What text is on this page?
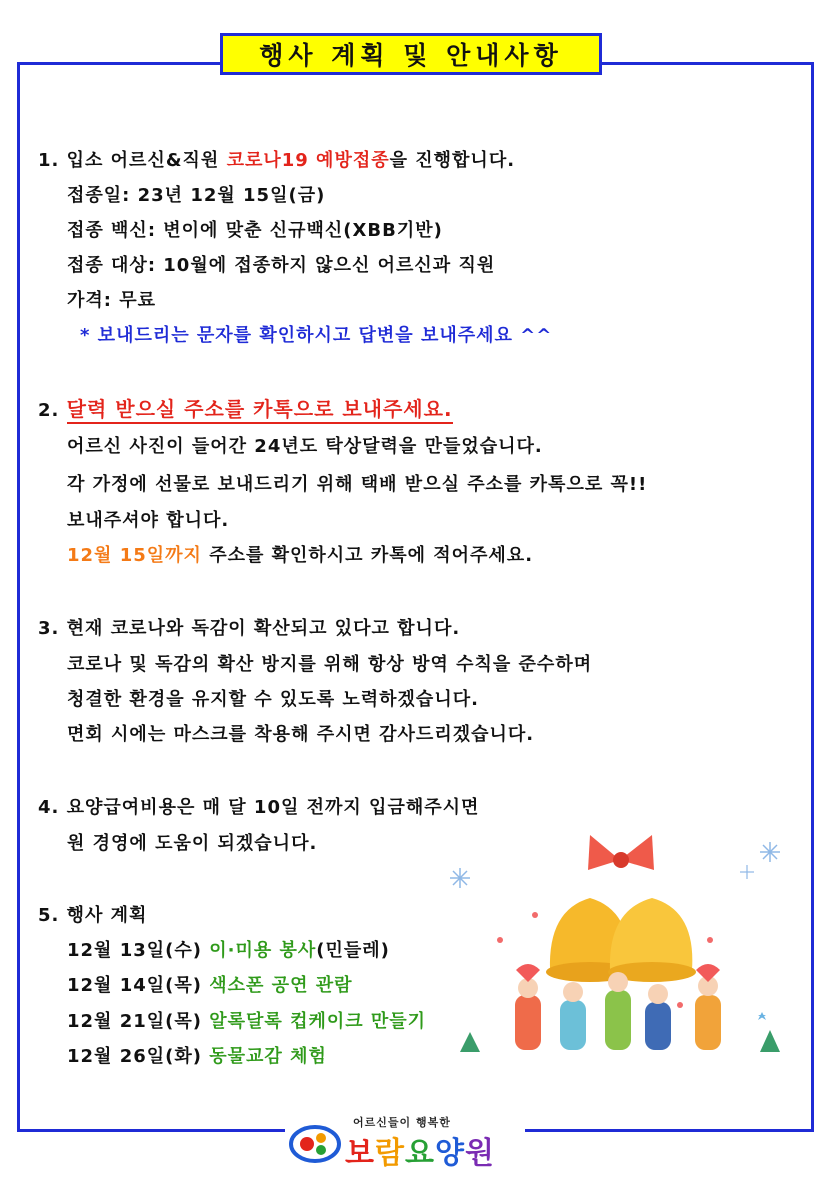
행사 계획 및 안내사항
1. 입소 어르신&직원 코로나19 예방접종을 진행합니다.
접종일: 23년 12월 15일(금)
접종 백신: 변이에 맞춘 신규백신(XBB기반)
접종 대상: 10월에 접종하지 않으신 어르신과 직원
가격: 무료
* 보내드리는 문자를 확인하시고 답변을 보내주세요 ^^
2. 달력 받으실 주소를 카톡으로 보내주세요.
어르신 사진이 들어간 24년도 탁상달력을 만들었습니다.
각 가정에 선물로 보내드리기 위해 택배 받으실 주소를 카톡으로 꼭!!
보내주셔야 합니다.
12월 15일까지 주소를 확인하시고 카톡에 적어주세요.
3. 현재 코로나와 독감이 확산되고 있다고 합니다.
코로나 및 독감의 확산 방지를 위해 항상 방역 수칙을 준수하며
청결한 환경을 유지할 수 있도록 노력하겠습니다.
면회 시에는 마스크를 착용해 주시면 감사드리겠습니다.
4. 요양급여비용은 매 달 10일 전까지 입금해주시면
원 경영에 도움이 되겠습니다.
5. 행사 계획
12월 13일(수) 이·미용 봉사(민들레)
12월 14일(목) 색소폰 공연 관람
12월 21일(목) 알록달록 컵케이크 만들기
12월 26일(화) 동물교감 체험
어르신들이 행복한
보람요양원
